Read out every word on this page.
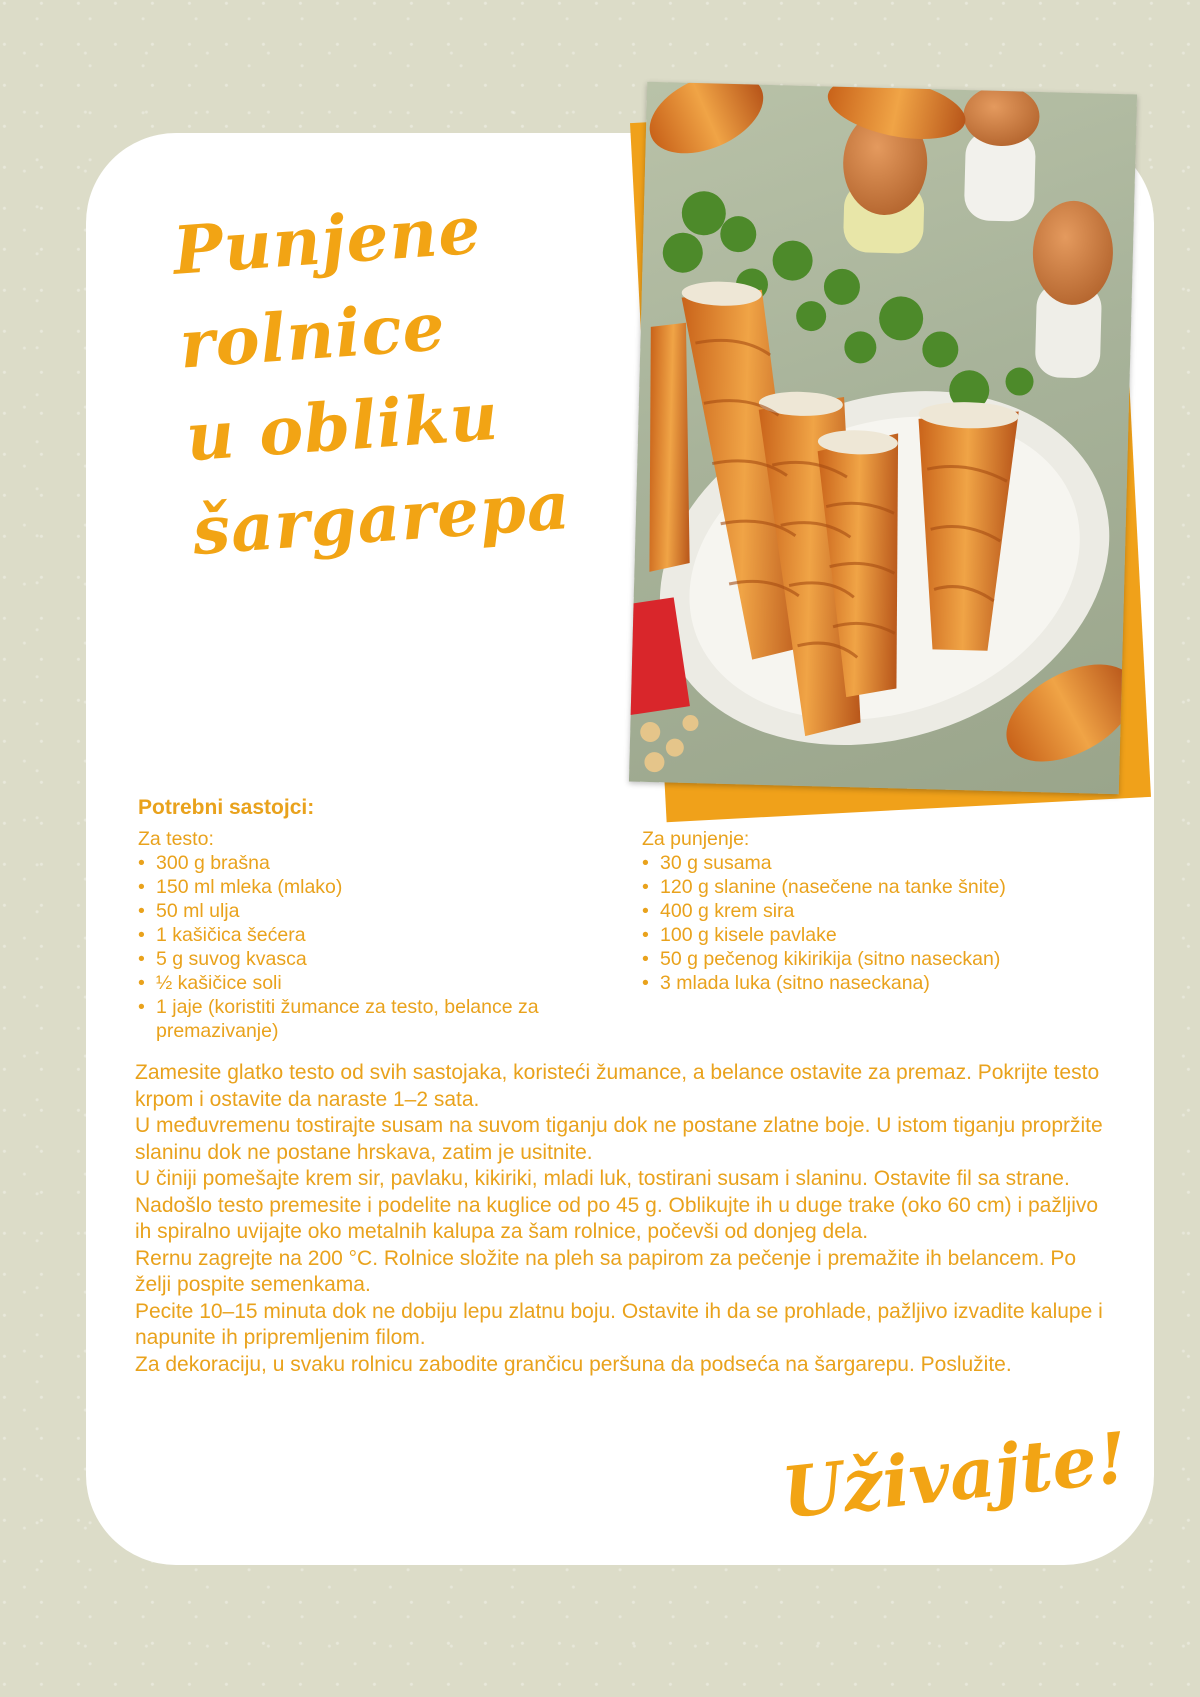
Punjene
rolnice
u obliku
šargarepa
Potrebni sastojci:
Za testo:
• 300 g brašna
• 150 ml mleka (mlako)
• 50 ml ulja
• 1 kašičica šećera
• 5 g suvog kvasca
• ½ kašičice soli
• 1 jaje (koristiti žumance za testo, belance za premazivanje)
Za punjenje:
• 30 g susama
• 120 g slanine (nasečene na tanke šnite)
• 400 g krem sira
• 100 g kisele pavlake
• 50 g pečenog kikirikija (sitno naseckan)
• 3 mlada luka (sitno naseckana)

Zamesite glatko testo od svih sastojaka, koristeći žumance, a belance ostavite za premaz. Pokrijte testo krpom i ostavite da naraste 1–2 sata.

U međuvremenu tostirajte susam na suvom tiganju dok ne postane zlatne boje. U istom tiganju propržite slaninu dok ne postane hrskava, zatim je usitnite.

U činiji pomešajte krem sir, pavlaku, kikiriki, mladi luk, tostirani susam i slaninu. Ostavite fil sa strane.

Nadošlo testo premesite i podelite na kuglice od po 45 g. Oblikujte ih u duge trake (oko 60 cm) i pažljivo ih spiralno uvijajte oko metalnih kalupa za šam rolnice, počevši od donjeg dela.

Rernu zagrejte na 200 °C. Rolnice složite na pleh sa papirom za pečenje i premažite ih belancem. Po želji pospite semenkama.

Pecite 10–15 minuta dok ne dobiju lepu zlatnu boju. Ostavite ih da se prohlade, pažljivo izvadite kalupe i napunite ih pripremljenim filom.

Za dekoraciju, u svaku rolnicu zabodite grančicu peršuna da podseća na šargarepu. Poslužite.

Uživajte!
